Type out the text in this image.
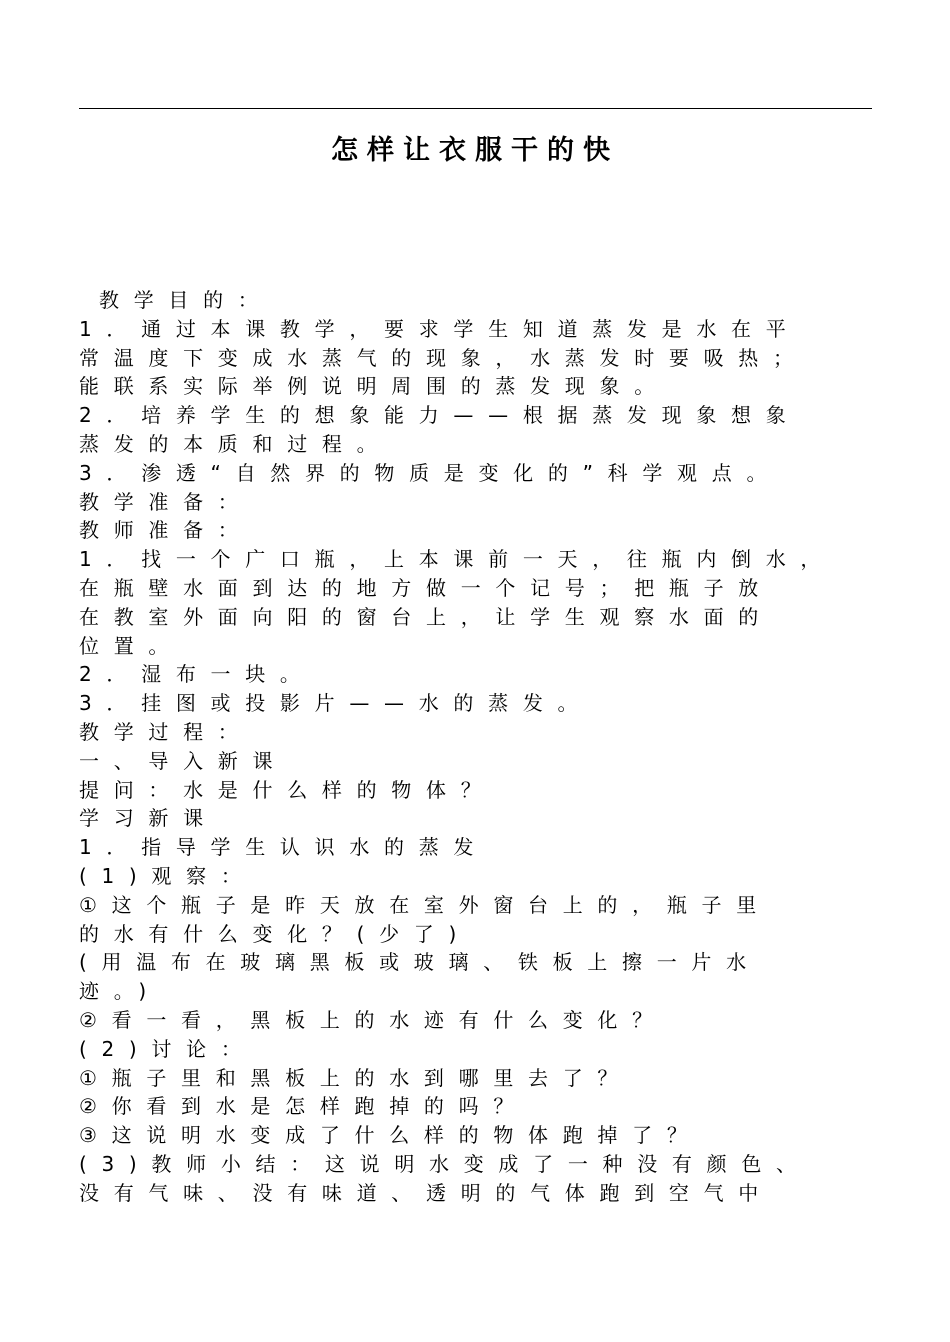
怎样让衣服干的快
教学目的：
1．通过本课教学，要求学生知道蒸发是水在平
常温度下变成水蒸气的现象，水蒸发时要吸热；
能联系实际举例说明周围的蒸发现象。
2．培养学生的想象能力——根据蒸发现象想象
蒸发的本质和过程。
3．渗透“自然界的物质是变化的”科学观点。
教学准备：
教师准备：
1．找一个广口瓶，上本课前一天，往瓶内倒水，
在瓶壁水面到达的地方做一个记号；把瓶子放
在教室外面向阳的窗台上，让学生观察水面的
位置。
2．湿布一块。
3．挂图或投影片——水的蒸发。
教学过程：
一、导入新课
提问：水是什么样的物体？
学习新课
1．指导学生认识水的蒸发
(1)观察：
①这个瓶子是昨天放在室外窗台上的，瓶子里
的水有什么变化？(少了)
(用温布在玻璃黑板或玻璃、铁板上擦一片水
迹。)
②看一看，黑板上的水迹有什么变化？
(2)讨论：
①瓶子里和黑板上的水到哪里去了？
②你看到水是怎样跑掉的吗？
③这说明水变成了什么样的物体跑掉了？
(3)教师小结：这说明水变成了一种没有颜色、
没有气味、没有味道、透明的气体跑到空气中
